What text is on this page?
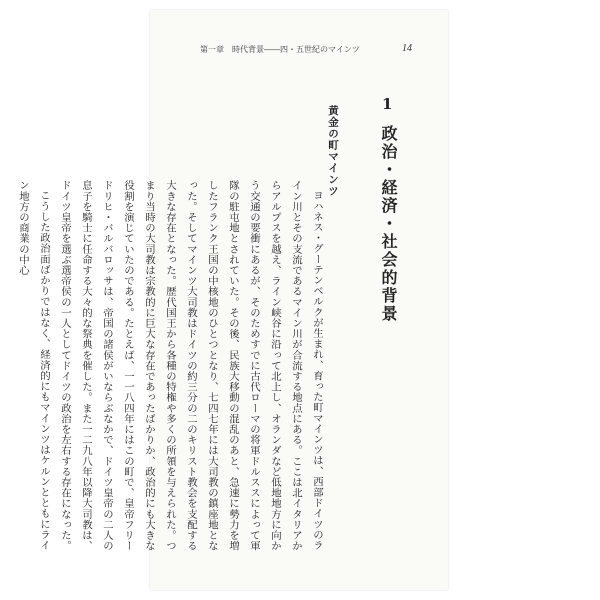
第一章　時代背景――四・五世紀のマインツ	14
1
政治・経済・社会的背景
黄金の町マインツ

ヨハネス・グーテンベルクが生まれ、育った町マインツは、西部ドイツのライン川とその支流であるマイン川が合流する地点にある。ここは北イタリアからアルプスを越え、ライン峡谷に沿って北上し、オランダなど低地地方に向かう交通の要衝にあるが、そのためすでに古代ローマの将軍ドルススによって軍隊の駐屯地とされていた。その後、民族大移動の混乱のあと、急速に勢力を増したフランク王国の中核地のひとつとなり、七四七年には大司教の鎮座地となった。そしてマインツ大司教はドイツの約三分の二のキリスト教会を支配する大きな存在となった。歴代国王から各種の特権や多くの所領を与えられた。つまり当時の大司教は宗教的に巨大な存在であったばかりか、政治的にも大きな役割を演じていたのである。たとえば、一一八四年にはこの町で、皇帝フリードリヒ・バルバロッサは、帝国の諸侯がいならぶなかで、ドイツ皇帝の二人の息子を騎士に任命する大々的な祭典を催した。また一二九八年以降大司教は、ドイツ皇帝を選ぶ選帝侯の一人としてドイツの政治を左右する存在になった。

こうした政治面ばかりではなく、経済的にもマインツはケルンとともにライン地方の商業の中心
